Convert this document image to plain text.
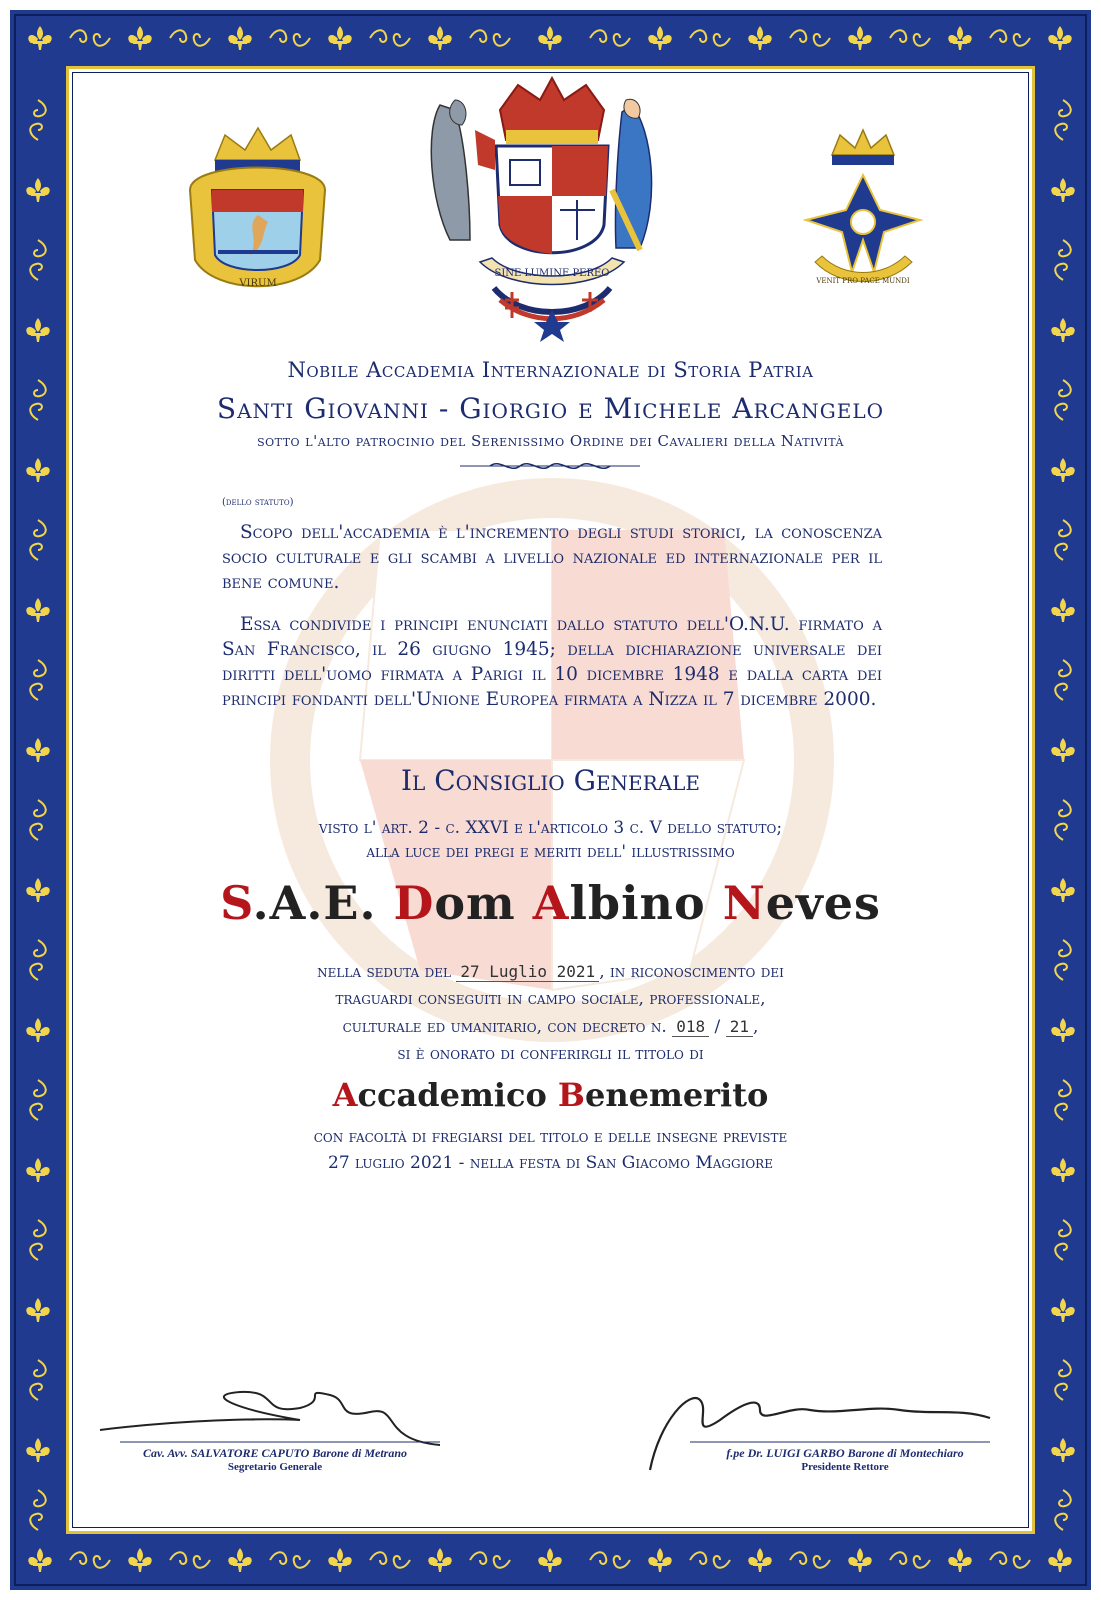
VIRUM
SINE LUMINE PEREO
VENIT PRO PACE MUNDI
Nobile Accademia Internazionale di Storia Patria
Santi Giovanni - Giorgio e Michele Arcangelo
sotto l'alto patrocinio del Serenissimo Ordine dei Cavalieri della Natività
(dello statuto)
Scopo dell'accademia è l'incremento degli studi storici, la conoscenza socio culturale e gli scambi a livello nazionale ed internazionale per il bene comune.
Essa condivide i principi enunciati dallo statuto dell'O.N.U. firmato a San Francisco, il 26 giugno 1945; della dichiarazione universale dei diritti dell'uomo firmata a Parigi il 10 dicembre 1948 e dalla carta dei principi fondanti dell'Unione Europea firmata a Nizza il 7 dicembre 2000.
Il Consiglio Generale
visto l' art. 2 - c. XXVI e l'articolo 3 c. V dello statuto;
alla luce dei pregi e meriti dell' illustrissimo
S.A.E. Dom Albino Neves
nella seduta del 27 Luglio 2021 , in riconoscimento dei
traguardi conseguiti in campo sociale, professionale,
culturale ed umanitario, con decreto n. 018 / 21 ,
si è onorato di conferirgli il titolo di
Accademico Benemerito
con facoltà di fregiarsi del titolo e delle insegne previste
27 luglio 2021 - nella festa di San Giacomo Maggiore
Cav. Avv. SALVATORE CAPUTO Barone di Metrano
Segretario Generale
f.pe Dr. LUIGI GARBO Barone di Montechiaro
Presidente Rettore
